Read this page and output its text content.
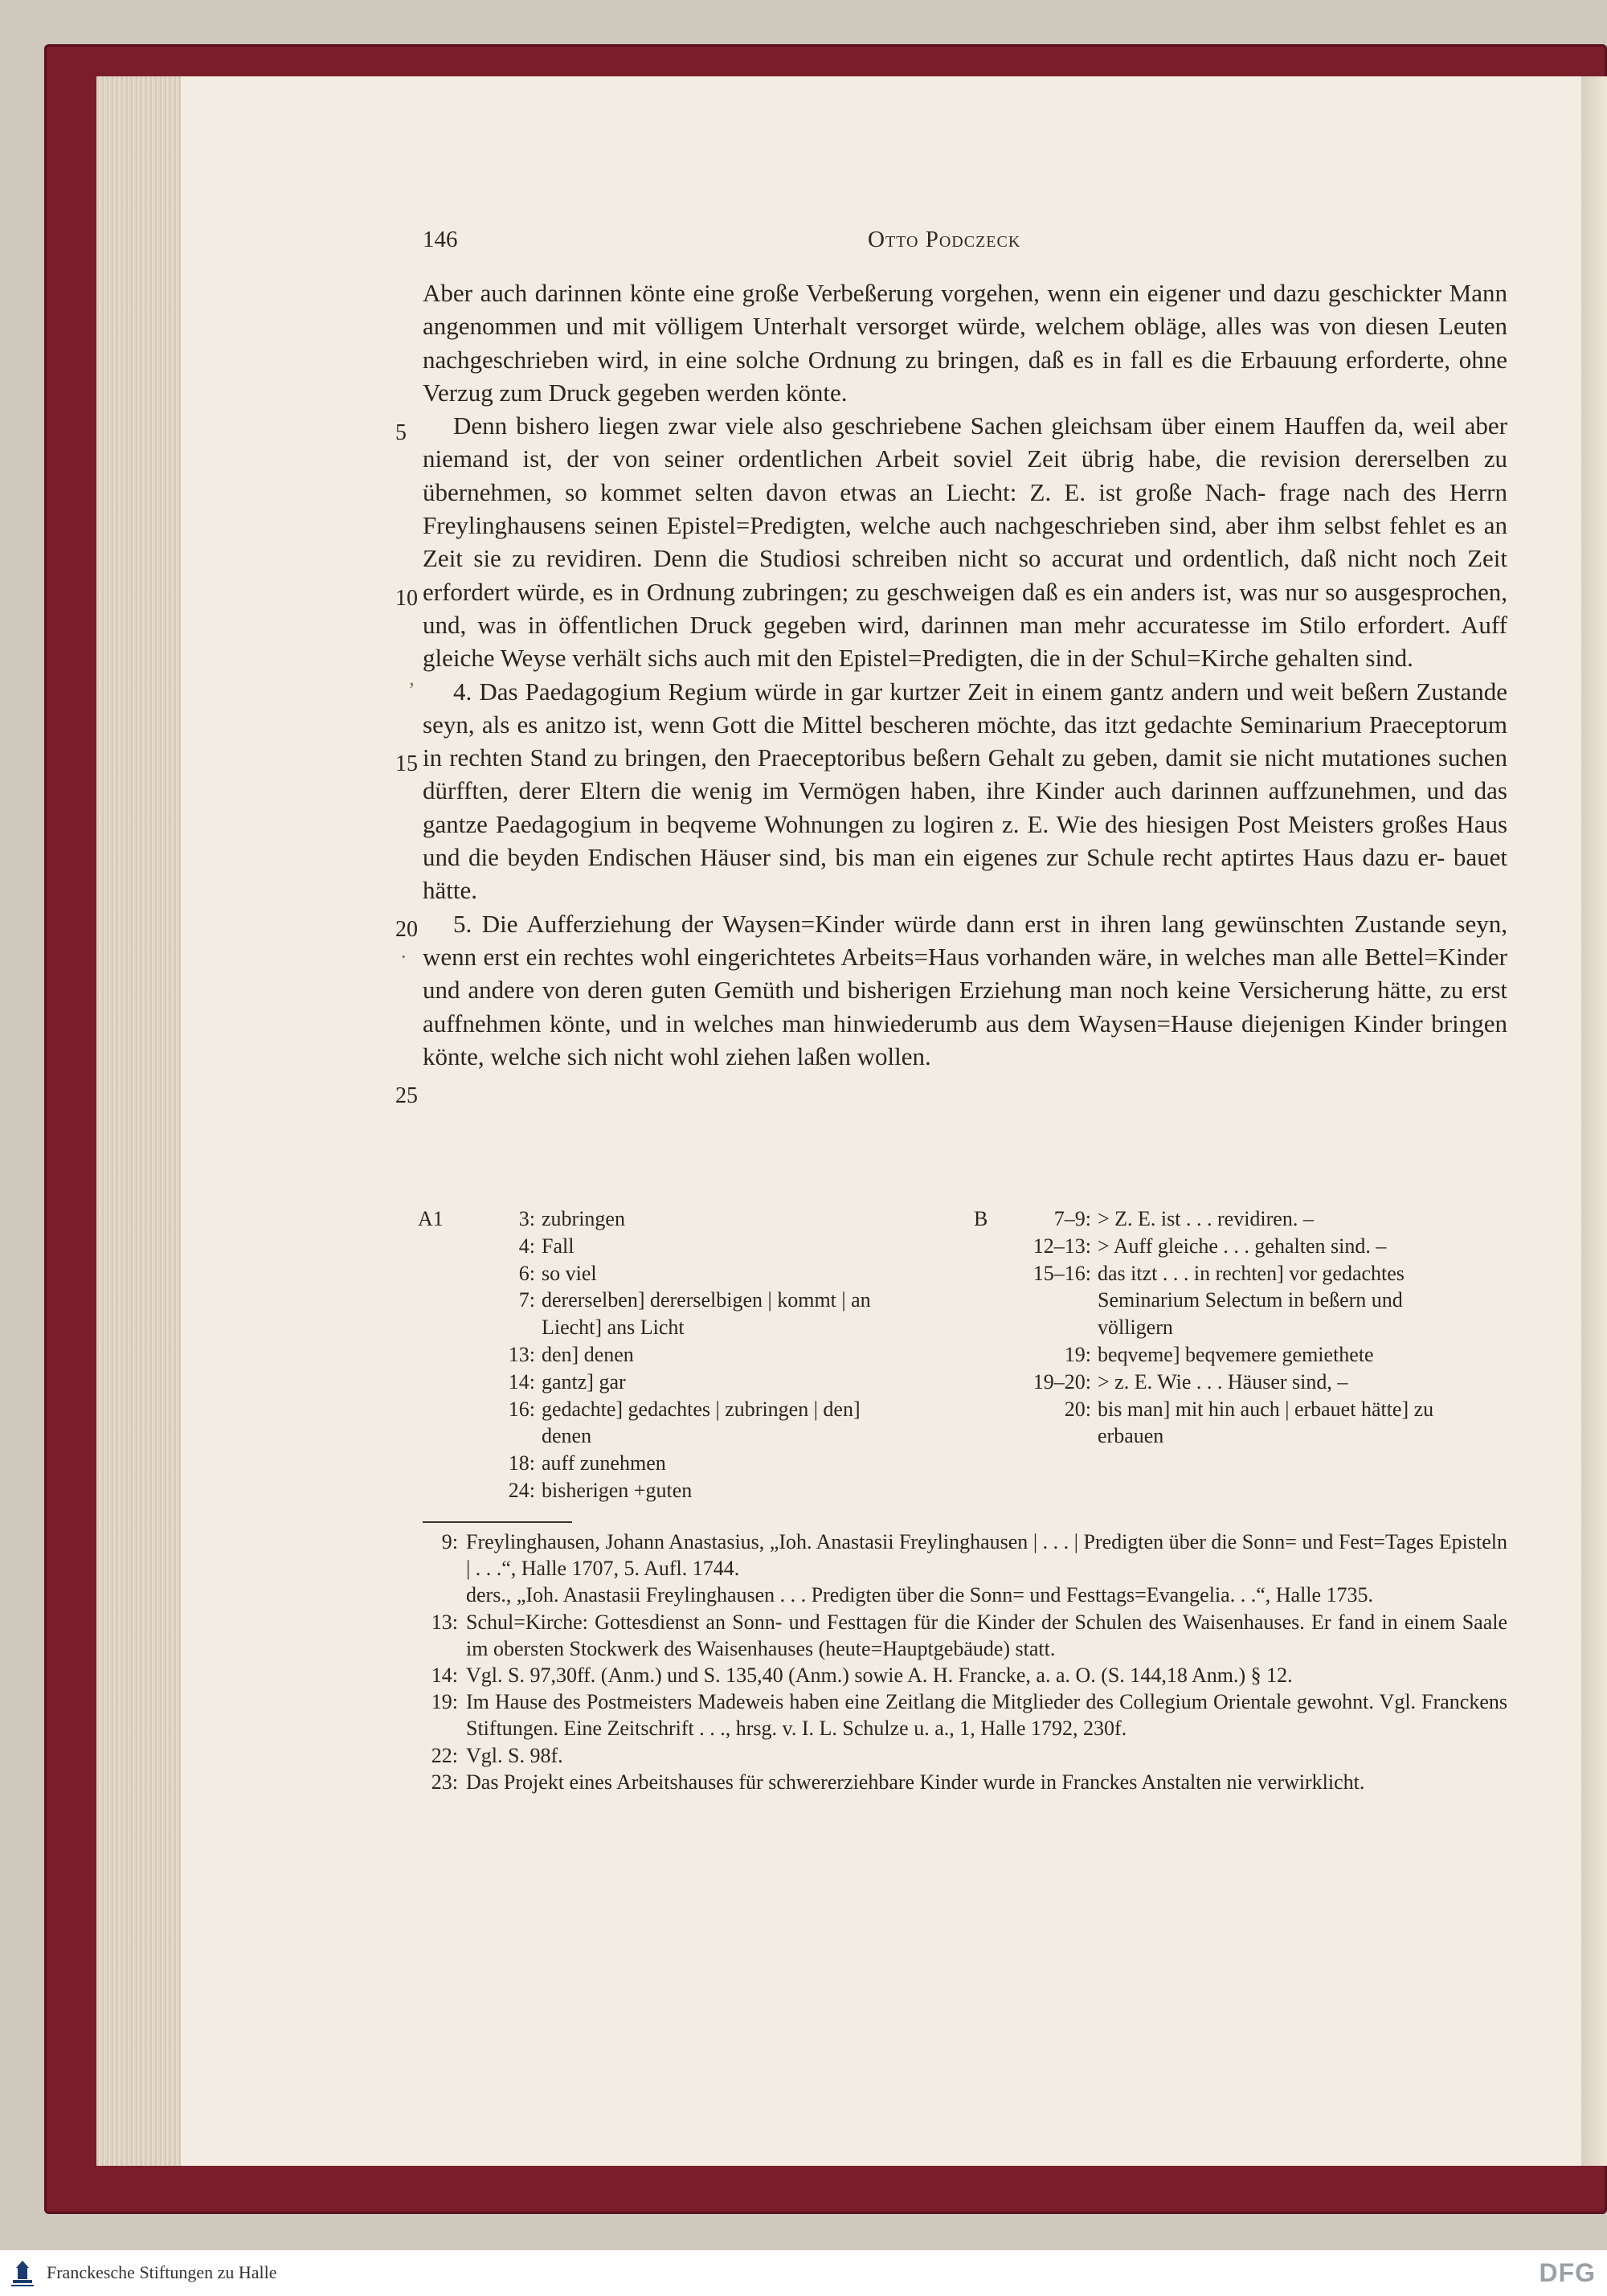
146	Otto Podczeck
Aber auch darinnen könte eine große Verbeßerung vorgehen, wenn ein eigener und dazu geschickter Mann angenommen und mit völligem Unterhalt versorget würde, welchem obläge, alles was von diesen Leuten nachgeschrieben wird, in eine solche Ordnung zu bringen, daß es in fall es die Erbauung erforderte, ohne Verzug zum Druck gegeben werden könte.
Denn bishero liegen zwar viele also geschriebene Sachen gleichsam über einem Hauffen da, weil aber niemand ist, der von seiner ordentlichen Arbeit soviel Zeit übrig habe, die revision dererselben zu übernehmen, so kommet selten davon etwas an Liecht: Z. E. ist große Nach- frage nach des Herrn Freylinghausens seinen Epistel=Predigten, welche auch nachgeschrieben sind, aber ihm selbst fehlet es an Zeit sie zu revidiren. Denn die Studiosi schreiben nicht so accurat und ordentlich, daß nicht noch Zeit erfordert würde, es in Ordnung zubringen; zu geschweigen daß es ein anders ist, was nur so ausgesprochen, und, was in öffentlichen Druck gegeben wird, darinnen man mehr accuratesse im Stilo erfordert. Auff gleiche Weyse verhält sichs auch mit den Epistel=Predigten, die in der Schul=Kirche gehalten sind.
4. Das Paedagogium Regium würde in gar kurtzer Zeit in einem gantz andern und weit beßern Zustande seyn, als es anitzo ist, wenn Gott die Mittel bescheren möchte, das itzt gedachte Seminarium Praeceptorum in rechten Stand zu bringen, den Praeceptoribus beßern Gehalt zu geben, damit sie nicht mutationes suchen dürfften, derer Eltern die wenig im Vermögen haben, ihre Kinder auch darinnen auffzunehmen, und das gantze Paedagogium in beqveme Wohnungen zu logiren z. E. Wie des hiesigen Post Meisters großes Haus und die beyden Endischen Häuser sind, bis man ein eigenes zur Schule recht aptirtes Haus dazu er- bauet hätte.
5. Die Aufferziehung der Waysen=Kinder würde dann erst in ihren lang gewünschten Zustande seyn, wenn erst ein rechtes wohl eingerichtetes Arbeits=Haus vorhanden wäre, in welches man alle Bettel=Kinder und andere von deren guten Gemüth und bisherigen Erziehung man noch keine Versicherung hätte, zu erst auffnehmen könte, und in welches man hinwiederumb aus dem Waysen=Hause diejenigen Kinder bringen könte, welche sich nicht wohl ziehen laßen wollen.
5
10
15
20
25
ʼ
·
A1	3: zubringen
4: Fall
6: so viel
7: dererselben] dererselbigen | kommt | an
Liecht] ans Licht
13: den] denen
14: gantz] gar
16: gedachte] gedachtes | zubringen | den]
denen
18: auff zunehmen
24: bisherigen +guten
B	7–9: > Z. E. ist . . . revidiren. –
12–13: > Auff gleiche . . . gehalten sind. –
15–16: das itzt . . . in rechten] vor gedachtes
Seminarium Selectum in beßern und
völligern
19: beqveme] beqvemere gemiethete
19–20: > z. E. Wie . . . Häuser sind, –
20: bis man] mit hin auch | erbauet hätte] zu
erbauen
9: Freylinghausen, Johann Anastasius, „Ioh. Anastasii Freylinghausen | . . . | Predigten über die Sonn= und Fest=Tages Episteln | . . .“, Halle 1707, 5. Aufl. 1744.
ders., „Ioh. Anastasii Freylinghausen . . . Predigten über die Sonn= und Festtags=Evangelia. . .“, Halle 1735.
13: Schul=Kirche: Gottesdienst an Sonn- und Festtagen für die Kinder der Schulen des Waisenhauses. Er fand in einem Saale im obersten Stockwerk des Waisenhauses (heute=Hauptgebäude) statt.
14: Vgl. S. 97,30ff. (Anm.) und S. 135,40 (Anm.) sowie A. H. Francke, a. a. O. (S. 144,18 Anm.) § 12.
19: Im Hause des Postmeisters Madeweis haben eine Zeitlang die Mitglieder des Collegium Orientale gewohnt. Vgl. Franckens Stiftungen. Eine Zeitschrift . . ., hrsg. v. I. L. Schulze u. a., 1, Halle 1792, 230f.
22: Vgl. S. 98f.
23: Das Projekt eines Arbeitshauses für schwererziehbare Kinder wurde in Franckes Anstalten nie verwirklicht.
Franckesche Stiftungen zu Halle	DFG
